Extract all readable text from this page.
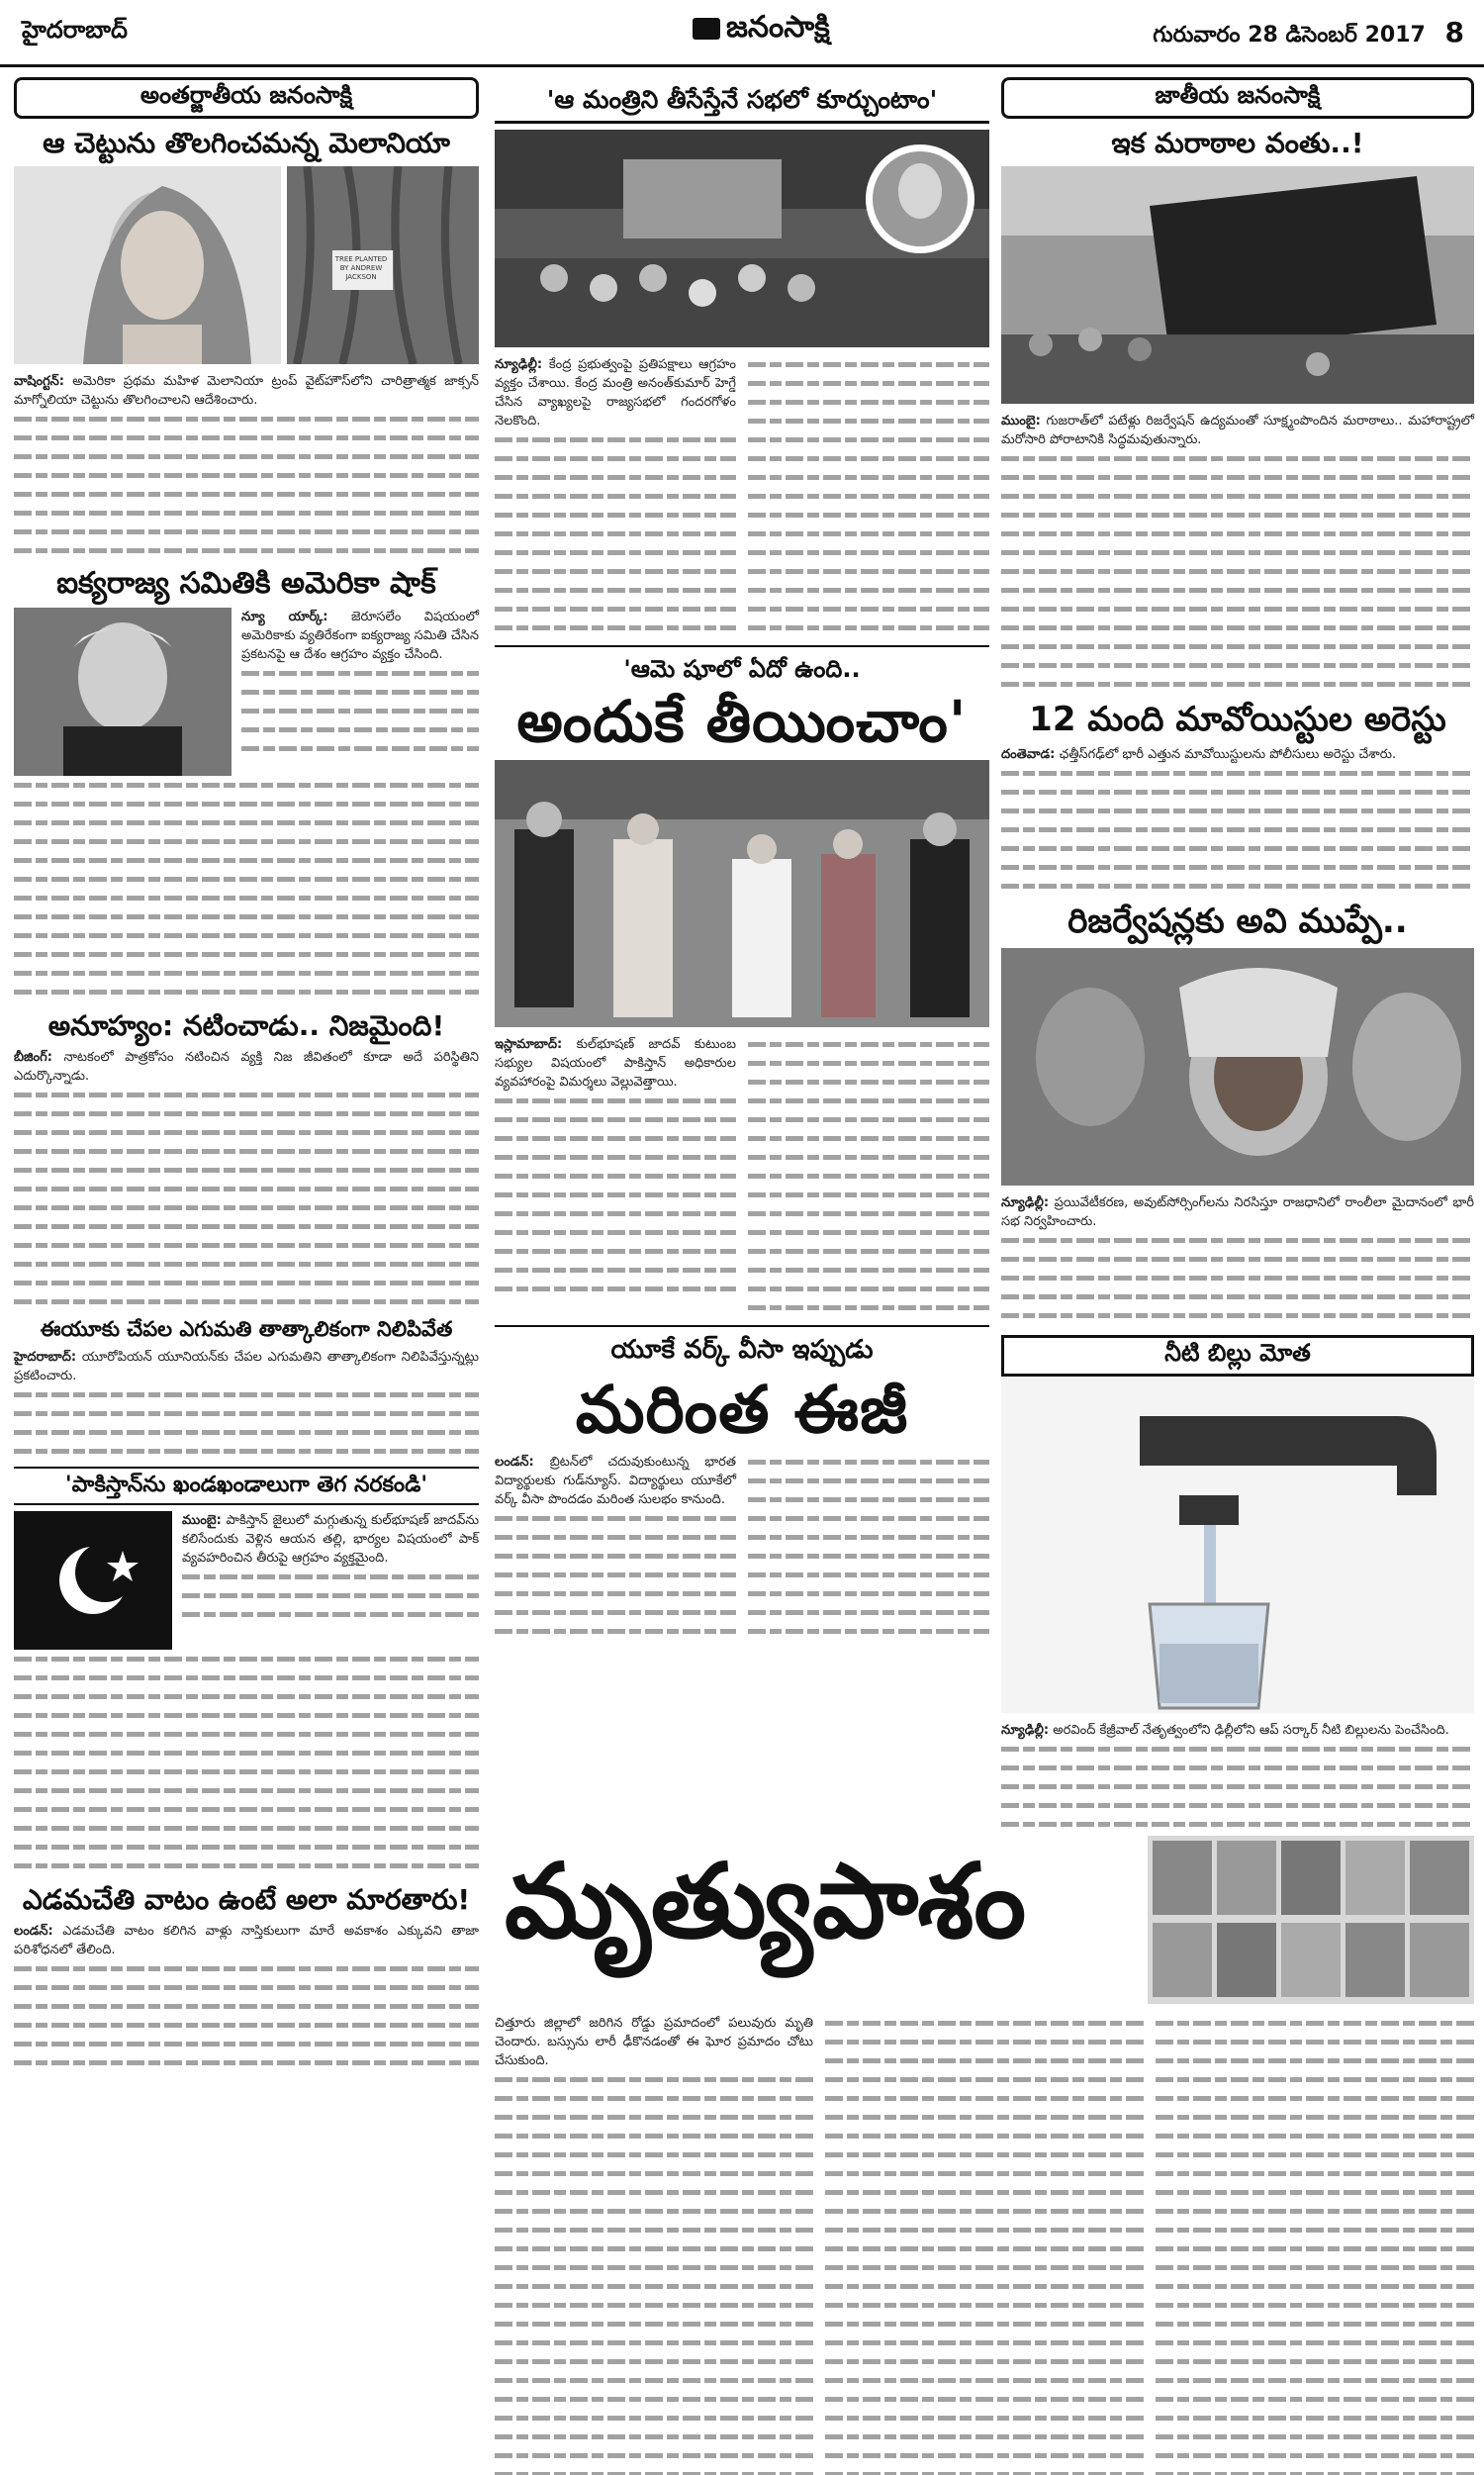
హైదరాబాద్	జనంసాక్షి	గురువారం 28 డిసెంబర్ 2017 8
అంతర్జాతీయ జనంసాక్షి
ఆ చెట్టును తొలగించమన్న మెలానియా
TREE PLANTED BY ANDREW JACKSON
వాషింగ్టన్: అమెరికా ప్రథమ మహిళ మెలానియా ట్రంప్ వైట్‌హౌస్‌లోని చారిత్రాత్మక జాక్సన్ మాగ్నోలియా చెట్టును తొలగించాలని ఆదేశించారు.
ఐక్యరాజ్య సమితికి అమెరికా షాక్
న్యూ యార్క్: జెరూసలేం విషయంలో అమెరికాకు వ్యతిరేకంగా ఐక్యరాజ్య సమితి చేసిన ప్రకటనపై ఆ దేశం ఆగ్రహం వ్యక్తం చేసింది.
అనూహ్యం: నటించాడు.. నిజమైంది!
బీజింగ్: నాటకంలో పాత్రకోసం నటించిన వ్యక్తి నిజ జీవితంలో కూడా అదే పరిస్థితిని ఎదుర్కొన్నాడు.
ఈయూకు చేపల ఎగుమతి తాత్కాలికంగా నిలిపివేత
హైదరాబాద్: యూరోపియన్ యూనియన్‌కు చేపల ఎగుమతిని తాత్కాలికంగా నిలిపివేస్తున్నట్లు ప్రకటించారు.
'పాకిస్తాన్‌ను ఖండఖండాలుగా తెగ నరకండి'
ముంబై: పాకిస్తాన్ జైలులో మగ్గుతున్న కుల్‌భూషణ్ జాదవ్‌ను కలిసేందుకు వెళ్లిన ఆయన తల్లి, భార్యల విషయంలో పాక్ వ్యవహరించిన తీరుపై ఆగ్రహం వ్యక్తమైంది.
ఎడమచేతి వాటం ఉంటే అలా మారతారు!
లండన్: ఎడమచేతి వాటం కలిగిన వాళ్లు నాస్తికులుగా మారే అవకాశం ఎక్కువని తాజా పరిశోధనలో తేలింది.
'ఆ మంత్రిని తీసేస్తేనే సభలో కూర్చుంటాం'
న్యూఢిల్లీ: కేంద్ర ప్రభుత్వంపై ప్రతిపక్షాలు ఆగ్రహం వ్యక్తం చేశాయి. కేంద్ర మంత్రి అనంత్‌కుమార్ హెగ్డే చేసిన వ్యాఖ్యలపై రాజ్యసభలో గందరగోళం నెలకొంది.
'ఆమె షూలో ఏదో ఉంది..
అందుకే తీయించాం'
ఇస్లామాబాద్: కుల్‌భూషణ్ జాదవ్ కుటుంబ సభ్యుల విషయంలో పాకిస్తాన్ అధికారుల వ్యవహారంపై విమర్శలు వెల్లువెత్తాయి.
యూకే వర్క్ వీసా ఇప్పుడు
మరింత ఈజీ
లండన్: బ్రిటన్‌లో చదువుకుంటున్న భారత విద్యార్థులకు గుడ్‌న్యూస్. విద్యార్థులు యూకేలో వర్క్ వీసా పొందడం మరింత సులభం కానుంది.
మృత్యుపాశం
చిత్తూరు జిల్లాలో జరిగిన రోడ్డు ప్రమాదంలో పలువురు మృతి చెందారు. బస్సును లారీ ఢీకొనడంతో ఈ ఘోర ప్రమాదం చోటు చేసుకుంది.
జాతీయ జనంసాక్షి
ఇక మరాఠాల వంతు..!
ముంబై: గుజరాత్‌లో పటేళ్లు రిజర్వేషన్ ఉద్యమంతో సూక్ష్మంపొందిన మరాఠాలు.. మహారాష్ట్రలో మరోసారి పోరాటానికి సిద్ధమవుతున్నారు.
12 మంది మావోయిస్టుల అరెస్టు
దంతెవాడ: ఛత్తీస్‌గఢ్‌లో భారీ ఎత్తున మావోయిస్టులను పోలీసులు అరెస్టు చేశారు.
రిజర్వేషన్లకు అవి ముప్పే..
న్యూఢిల్లీ: ప్రయివేటీకరణ, అవుట్‌సోర్సింగ్‌లను నిరసిస్తూ రాజధానిలో రాంలీలా మైదానంలో భారీ సభ నిర్వహించారు.
నీటి బిల్లు మోత
న్యూఢిల్లీ: అరవింద్ కేజ్రీవాల్ నేతృత్వంలోని ఢిల్లీలోని ఆప్ సర్కార్ నీటి బిల్లులను పెంచేసింది.
